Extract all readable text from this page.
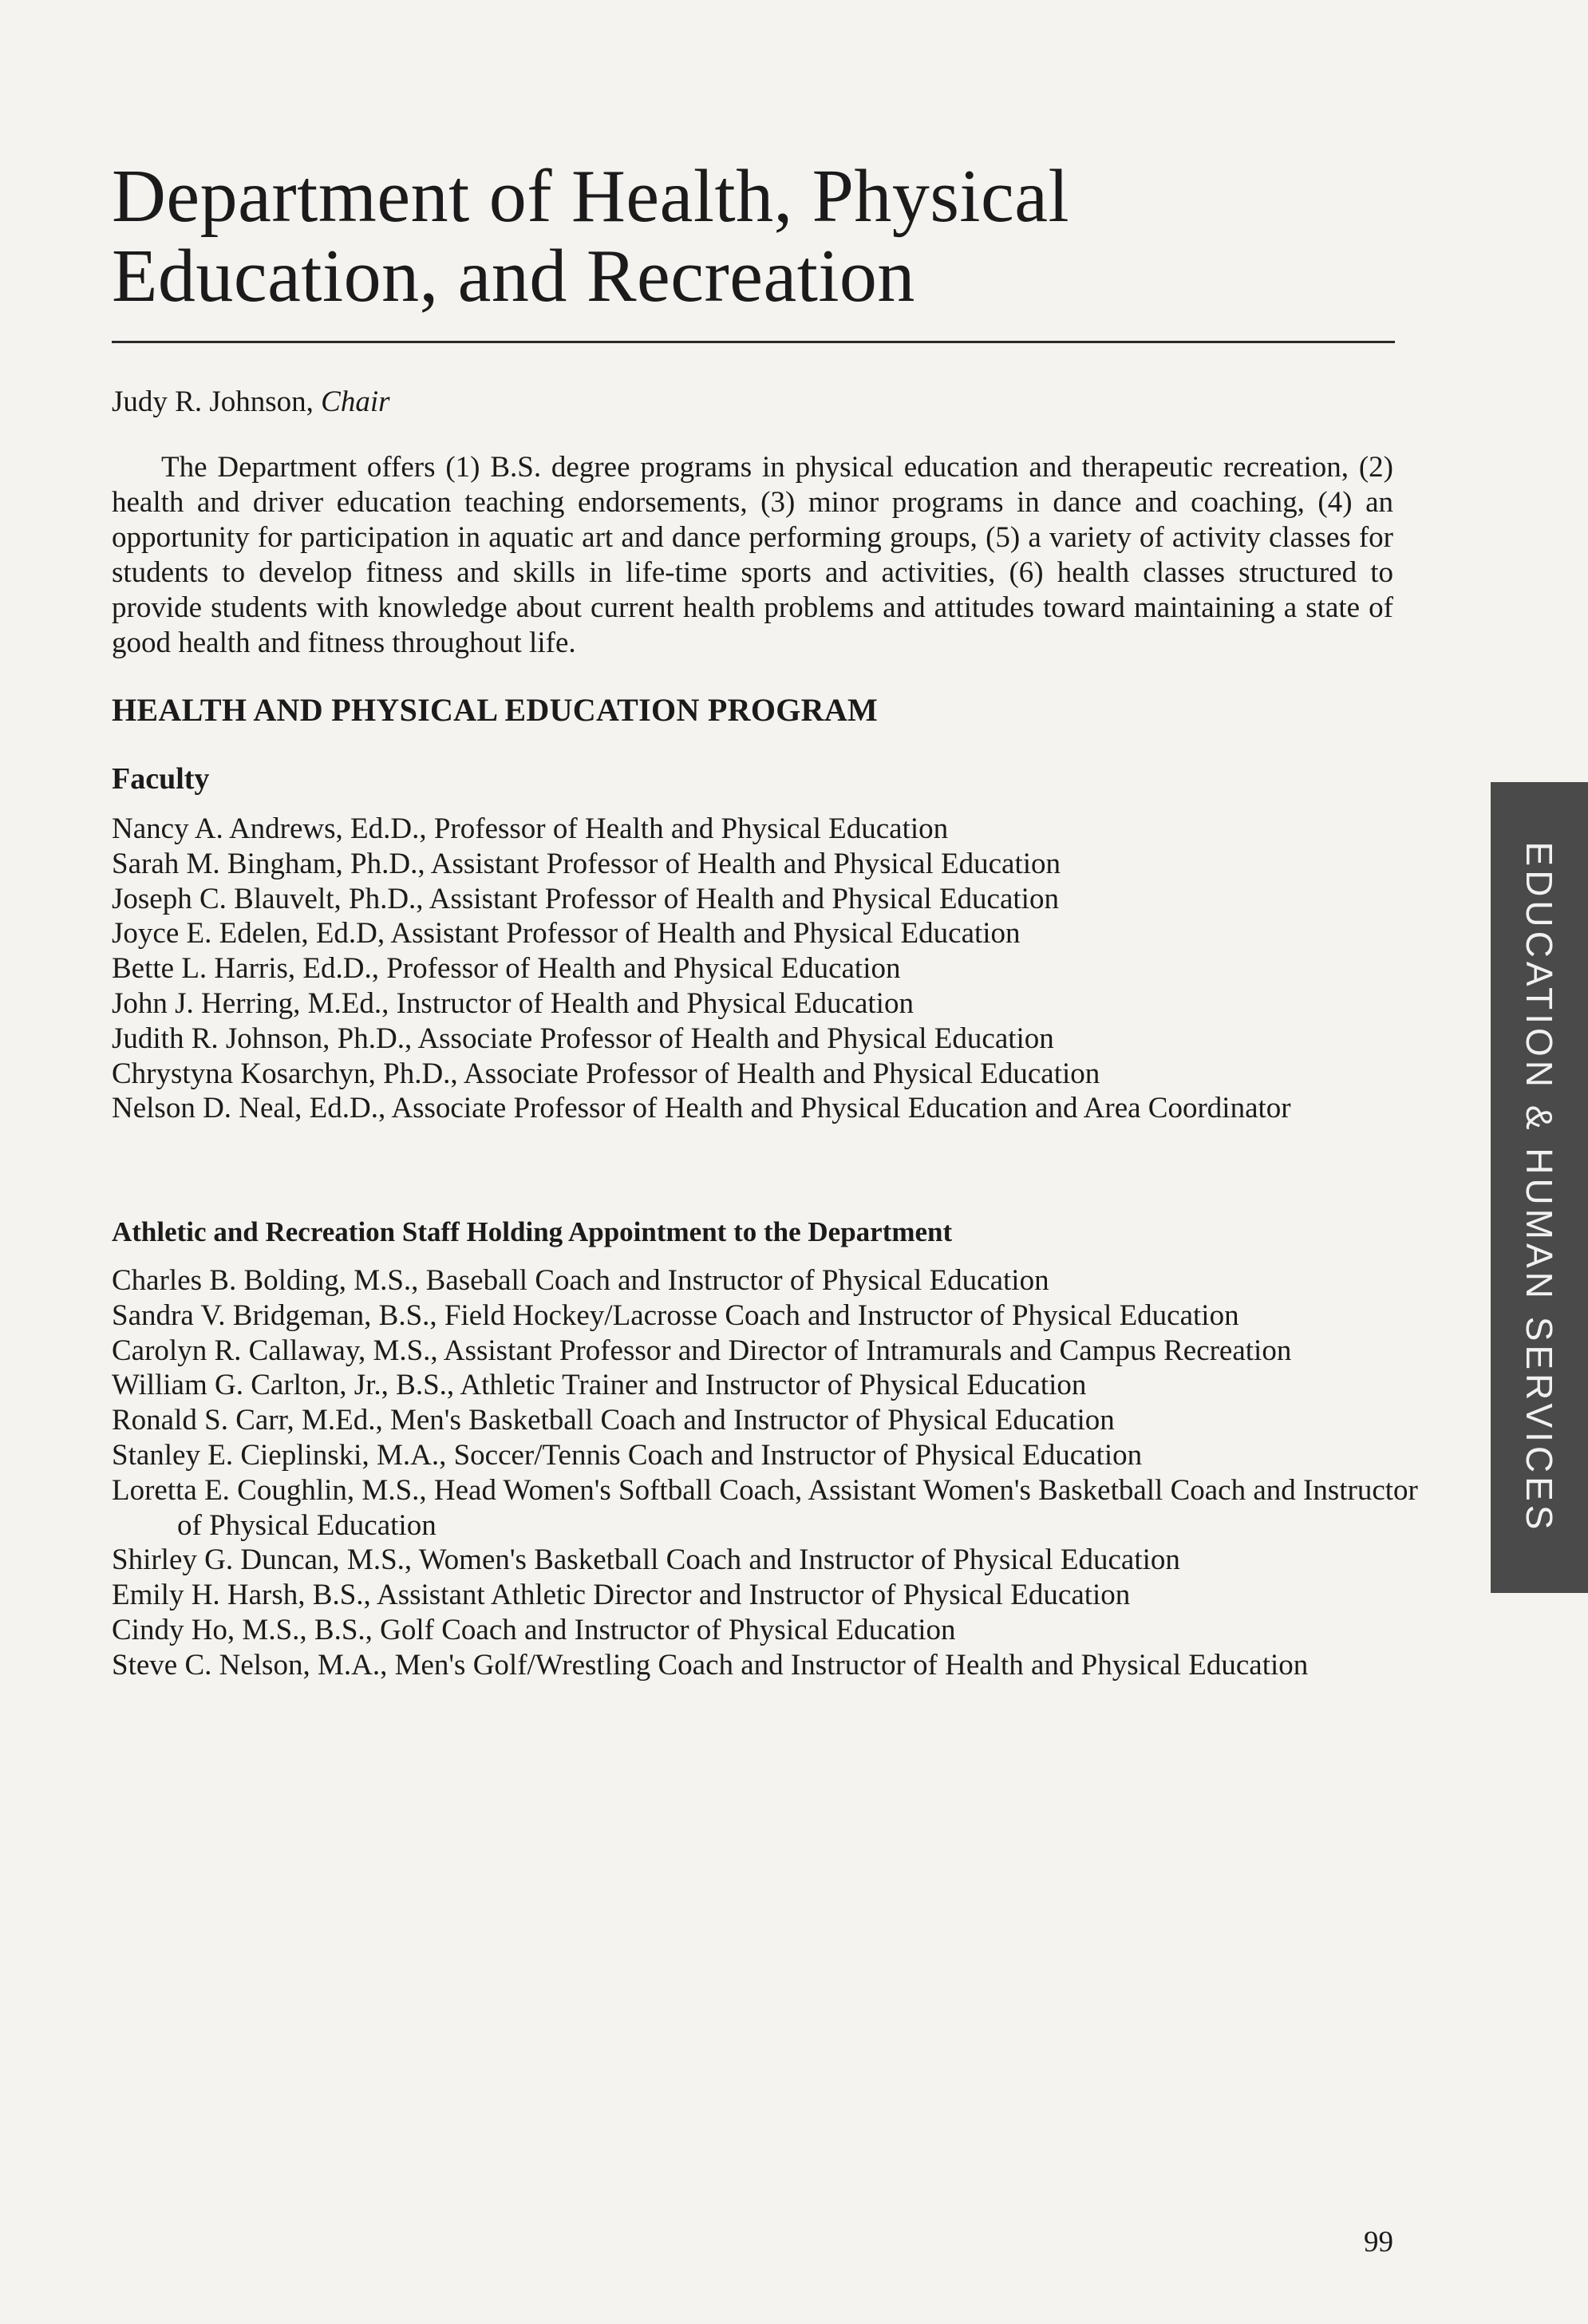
Department of Health, Physical
Education, and Recreation
Judy R. Johnson, Chair

The Department offers (1) B.S. degree programs in physical education and therapeutic recreation, (2) health and driver education teaching endorsements, (3) minor programs in dance and coaching, (4) an opportunity for participation in aquatic art and dance performing groups, (5) a variety of activity classes for students to develop fitness and skills in life-time sports and activities, (6) health classes structured to provide students with knowledge about current health problems and attitudes toward maintaining a state of good health and fitness throughout life.

HEALTH AND PHYSICAL EDUCATION PROGRAM
Faculty
Nancy A. Andrews, Ed.D., Professor of Health and Physical Education
Sarah M. Bingham, Ph.D., Assistant Professor of Health and Physical Education
Joseph C. Blauvelt, Ph.D., Assistant Professor of Health and Physical Education
Joyce E. Edelen, Ed.D, Assistant Professor of Health and Physical Education
Bette L. Harris, Ed.D., Professor of Health and Physical Education
John J. Herring, M.Ed., Instructor of Health and Physical Education
Judith R. Johnson, Ph.D., Associate Professor of Health and Physical Education
Chrystyna Kosarchyn, Ph.D., Associate Professor of Health and Physical Education
Nelson D. Neal, Ed.D., Associate Professor of Health and Physical Education and Area Coordinator
Athletic and Recreation Staff Holding Appointment to the Department
Charles B. Bolding, M.S., Baseball Coach and Instructor of Physical Education
Sandra V. Bridgeman, B.S., Field Hockey/Lacrosse Coach and Instructor of Physical Education
Carolyn R. Callaway, M.S., Assistant Professor and Director of Intramurals and Campus Recreation
William G. Carlton, Jr., B.S., Athletic Trainer and Instructor of Physical Education
Ronald S. Carr, M.Ed., Men's Basketball Coach and Instructor of Physical Education
Stanley E. Cieplinski, M.A., Soccer/Tennis Coach and Instructor of Physical Education
Loretta E. Coughlin, M.S., Head Women's Softball Coach, Assistant Women's Basketball Coach and Instructor of Physical Education
Shirley G. Duncan, M.S., Women's Basketball Coach and Instructor of Physical Education
Emily H. Harsh, B.S., Assistant Athletic Director and Instructor of Physical Education
Cindy Ho, M.S., B.S., Golf Coach and Instructor of Physical Education
Steve C. Nelson, M.A., Men's Golf/Wrestling Coach and Instructor of Health and Physical Education
EDUCATION & HUMAN SERVICES
99
